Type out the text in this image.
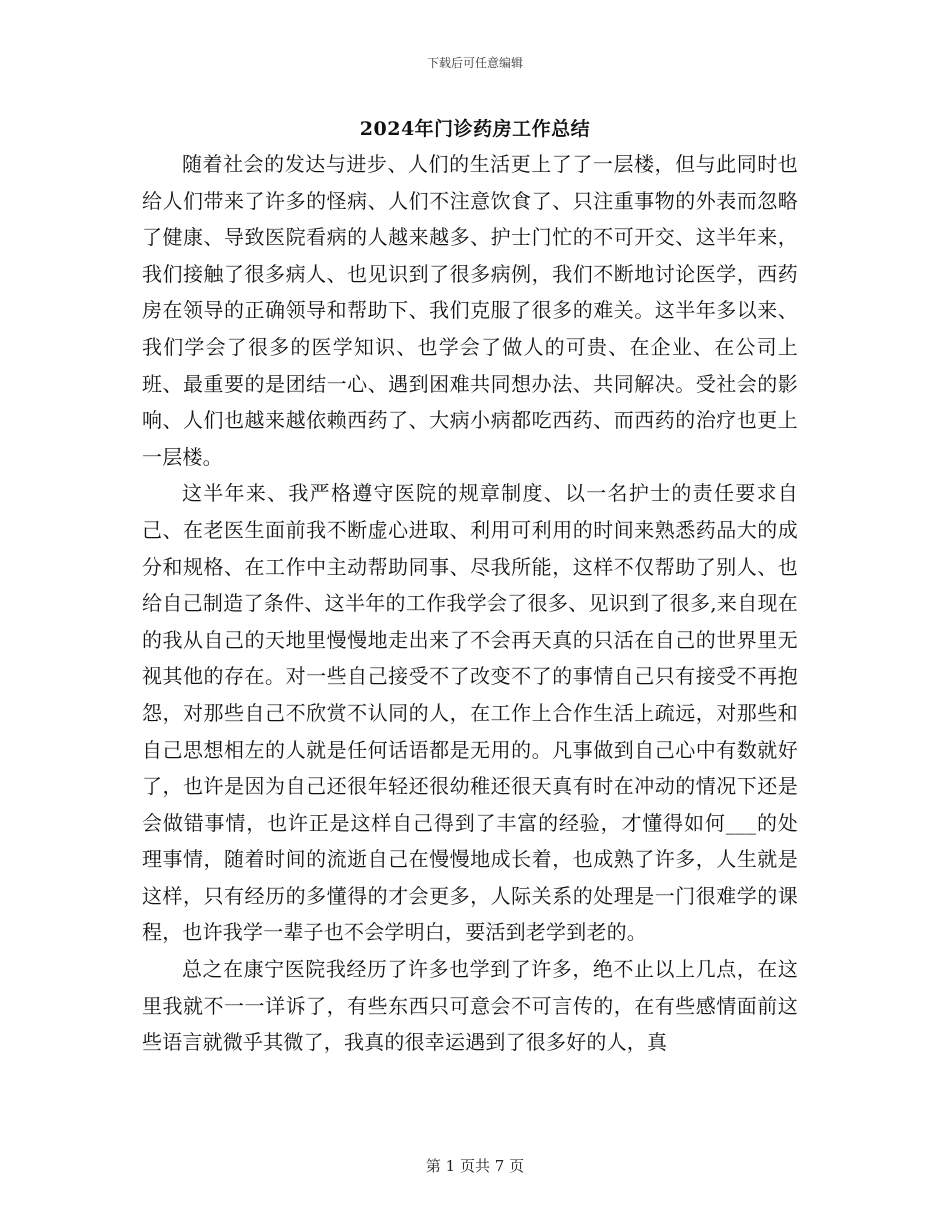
下载后可任意编辑
2024年门诊药房工作总结

随着社会的发达与进步、人们的生活更上了了一层楼，但与此同时也给人们带来了许多的怪病、人们不注意饮食了、只注重事物的外表而忽略了健康、导致医院看病的人越来越多、护士门忙的不可开交、这半年来，我们接触了很多病人、也见识到了很多病例，我们不断地讨论医学，西药房在领导的正确领导和帮助下、我们克服了很多的难关。这半年多以来、我们学会了很多的医学知识、也学会了做人的可贵、在企业、在公司上班、最重要的是团结一心、遇到困难共同想办法、共同解决。受社会的影响、人们也越来越依赖西药了、大病小病都吃西药、而西药的治疗也更上一层楼。

这半年来、我严格遵守医院的规章制度、以一名护士的责任要求自己、在老医生面前我不断虚心进取、利用可利用的时间来熟悉药品大的成分和规格、在工作中主动帮助同事、尽我所能，这样不仅帮助了别人、也给自己制造了条件、这半年的工作我学会了很多、见识到了很多,来自现在的我从自己的天地里慢慢地走出来了不会再天真的只活在自己的世界里无视其他的存在。对一些自己接受不了改变不了的事情自己只有接受不再抱怨，对那些自己不欣赏不认同的人，在工作上合作生活上疏远，对那些和自己思想相左的人就是任何话语都是无用的。凡事做到自己心中有数就好了，也许是因为自己还很年轻还很幼稚还很天真有时在冲动的情况下还是会做错事情，也许正是这样自己得到了丰富的经验，才懂得如何___的处理事情，随着时间的流逝自己在慢慢地成长着，也成熟了许多，人生就是这样，只有经历的多懂得的才会更多，人际关系的处理是一门很难学的课程，也许我学一辈子也不会学明白，要活到老学到老的。

总之在康宁医院我经历了许多也学到了许多，绝不止以上几点，在这里我就不一一详诉了，有些东西只可意会不可言传的，在有些感情面前这些语言就微乎其微了，我真的很幸运遇到了很多好的人，真

第 1 页共 7 页
